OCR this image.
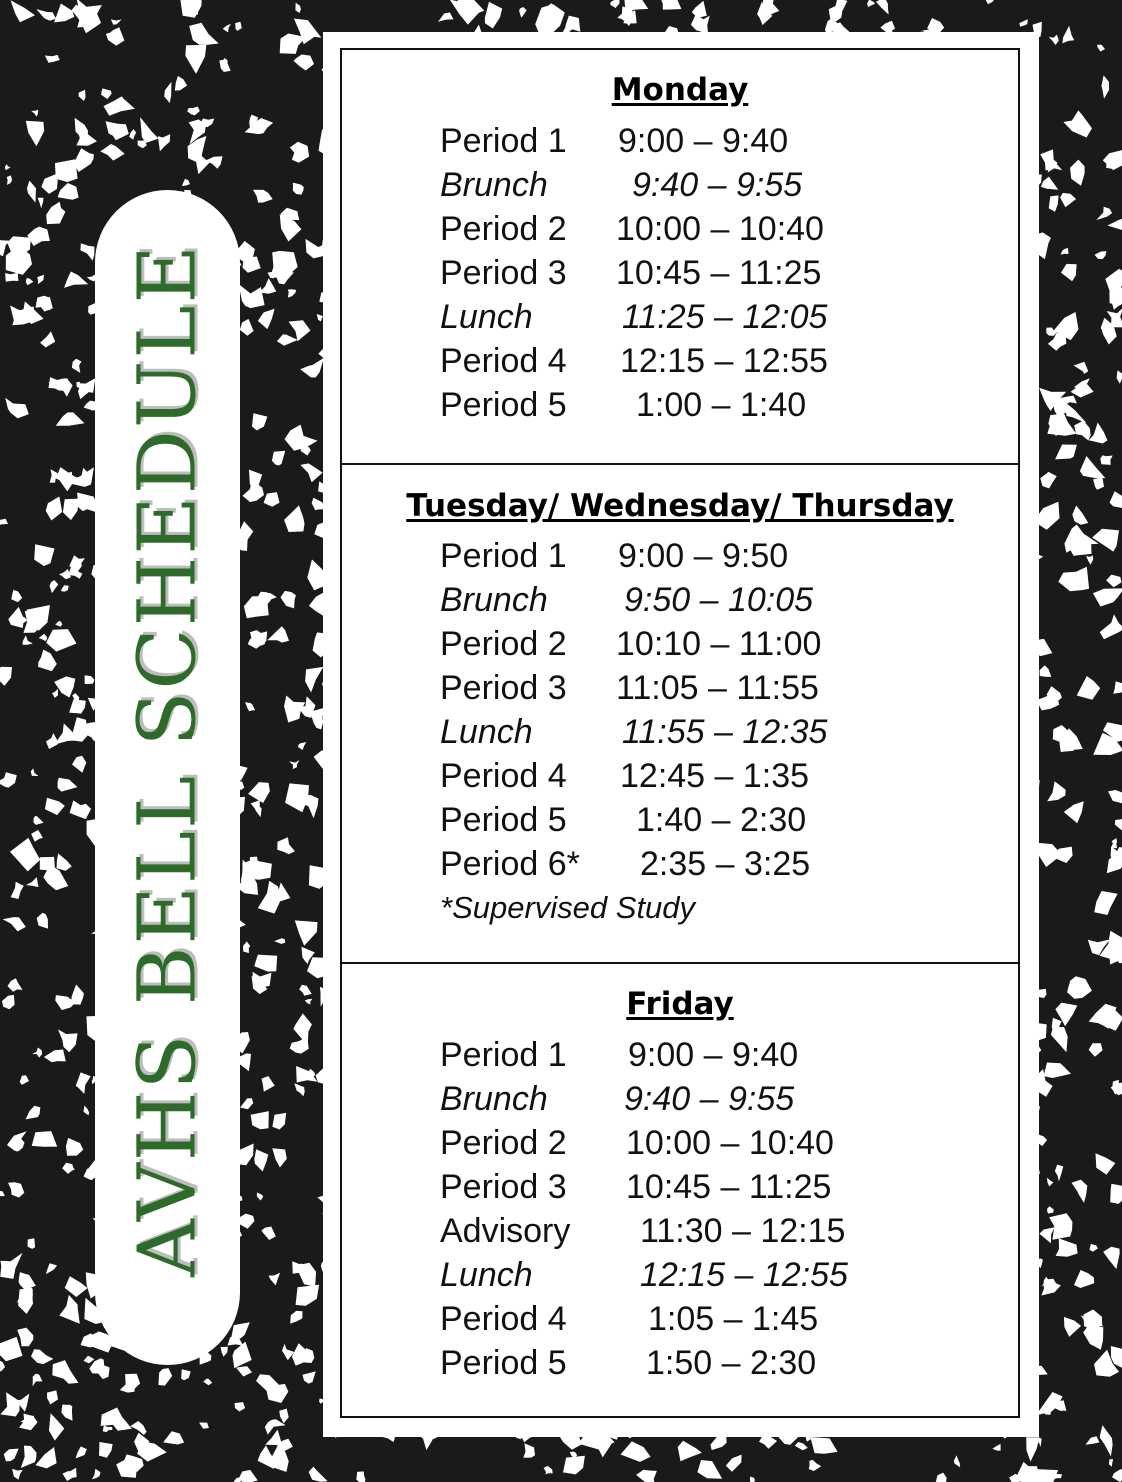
AVHS BELL SCHEDULE
Monday
Period 1 9:00 – 9:40
Brunch 9:40 – 9:55
Period 2 10:00 – 10:40
Period 3 10:45 – 11:25
Lunch	11:25 – 12:05
Period 4 12:15 – 12:55
Period 5 1:00 – 1:40
Tuesday/ Wednesday/ Thursday
Period 1 9:00 – 9:50
Brunch 9:50 – 10:05
Period 2 10:10 – 11:00
Period 3 11:05 – 11:55
Lunch	11:55 – 12:35
Period 4 12:45 – 1:35
Period 5 1:40 – 2:30
Period 6* 2:35 – 3:25
*Supervised Study
Friday
Period 1 9:00 – 9:40
Brunch 9:40 – 9:55
Period 2 10:00 – 10:40
Period 3 10:45 – 11:25
Advisory 11:30 – 12:15
Lunch	12:15 – 12:55
Period 4 1:05 – 1:45
Period 5 1:50 – 2:30
